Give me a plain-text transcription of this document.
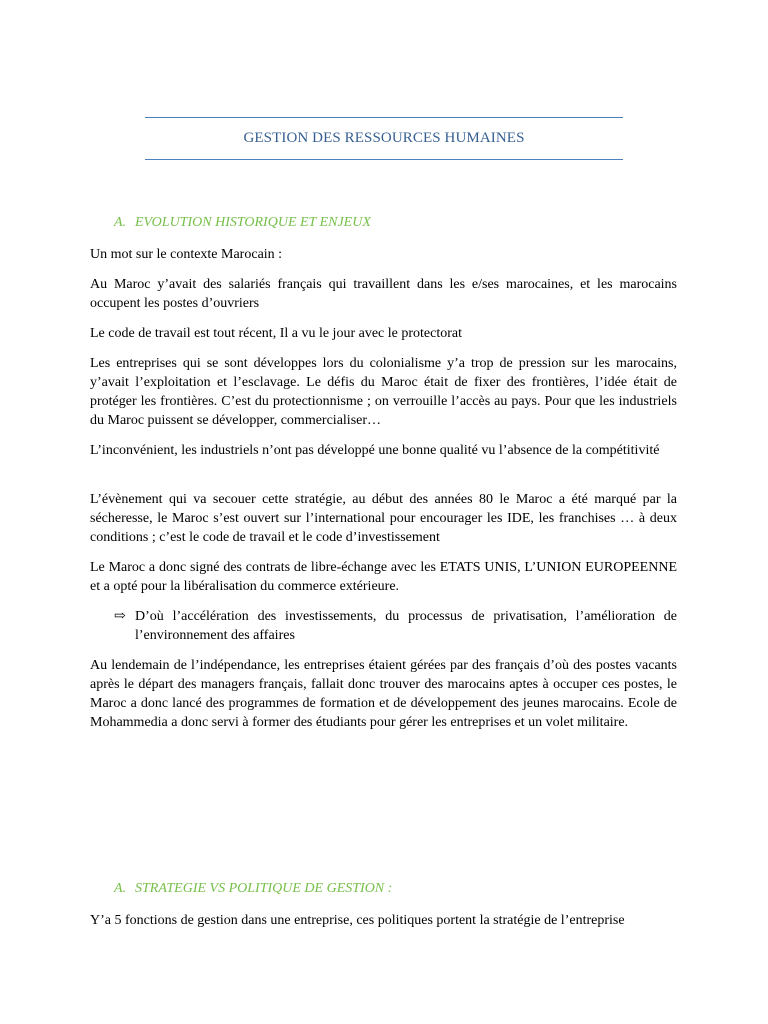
GESTION DES RESSOURCES HUMAINES
A. EVOLUTION HISTORIQUE ET ENJEUX
Un mot sur le contexte Marocain :
Au Maroc y’avait des salariés français qui travaillent dans les e/ses marocaines, et les marocains occupent les postes d’ouvriers
Le code de travail est tout récent, Il a vu le jour avec le protectorat
Les entreprises qui se sont développes lors du colonialisme y’a trop de pression sur les marocains, y’avait l’exploitation et l’esclavage. Le défis du Maroc était de fixer des frontières, l’idée était de protéger les frontières. C’est du protectionnisme ; on verrouille l’accès au pays. Pour que les industriels du Maroc puissent se développer, commercialiser…
L’inconvénient, les industriels n’ont pas développé une bonne qualité vu l’absence de la compétitivité
L’évènement qui va secouer cette stratégie, au début des années 80 le Maroc a été marqué par la sécheresse, le Maroc s’est ouvert sur l’international pour encourager les IDE, les franchises … à deux conditions ; c’est le code de travail et le code d’investissement
Le Maroc a donc signé des contrats de libre-échange avec les ETATS UNIS, L’UNION EUROPEENNE et a opté pour la libéralisation du commerce extérieure.
⇨ D’où l’accélération des investissements, du processus de privatisation, l’amélioration de l’environnement des affaires
Au lendemain de l’indépendance, les entreprises étaient gérées par des français d’où des postes vacants après le départ des managers français, fallait donc trouver des marocains aptes à occuper ces postes, le Maroc a donc lancé des programmes de formation et de développement des jeunes marocains. Ecole de Mohammedia a donc servi à former des étudiants pour gérer les entreprises et un volet militaire.
A. STRATEGIE VS POLITIQUE DE GESTION :
Y’a 5 fonctions de gestion dans une entreprise, ces politiques portent la stratégie de l’entreprise
